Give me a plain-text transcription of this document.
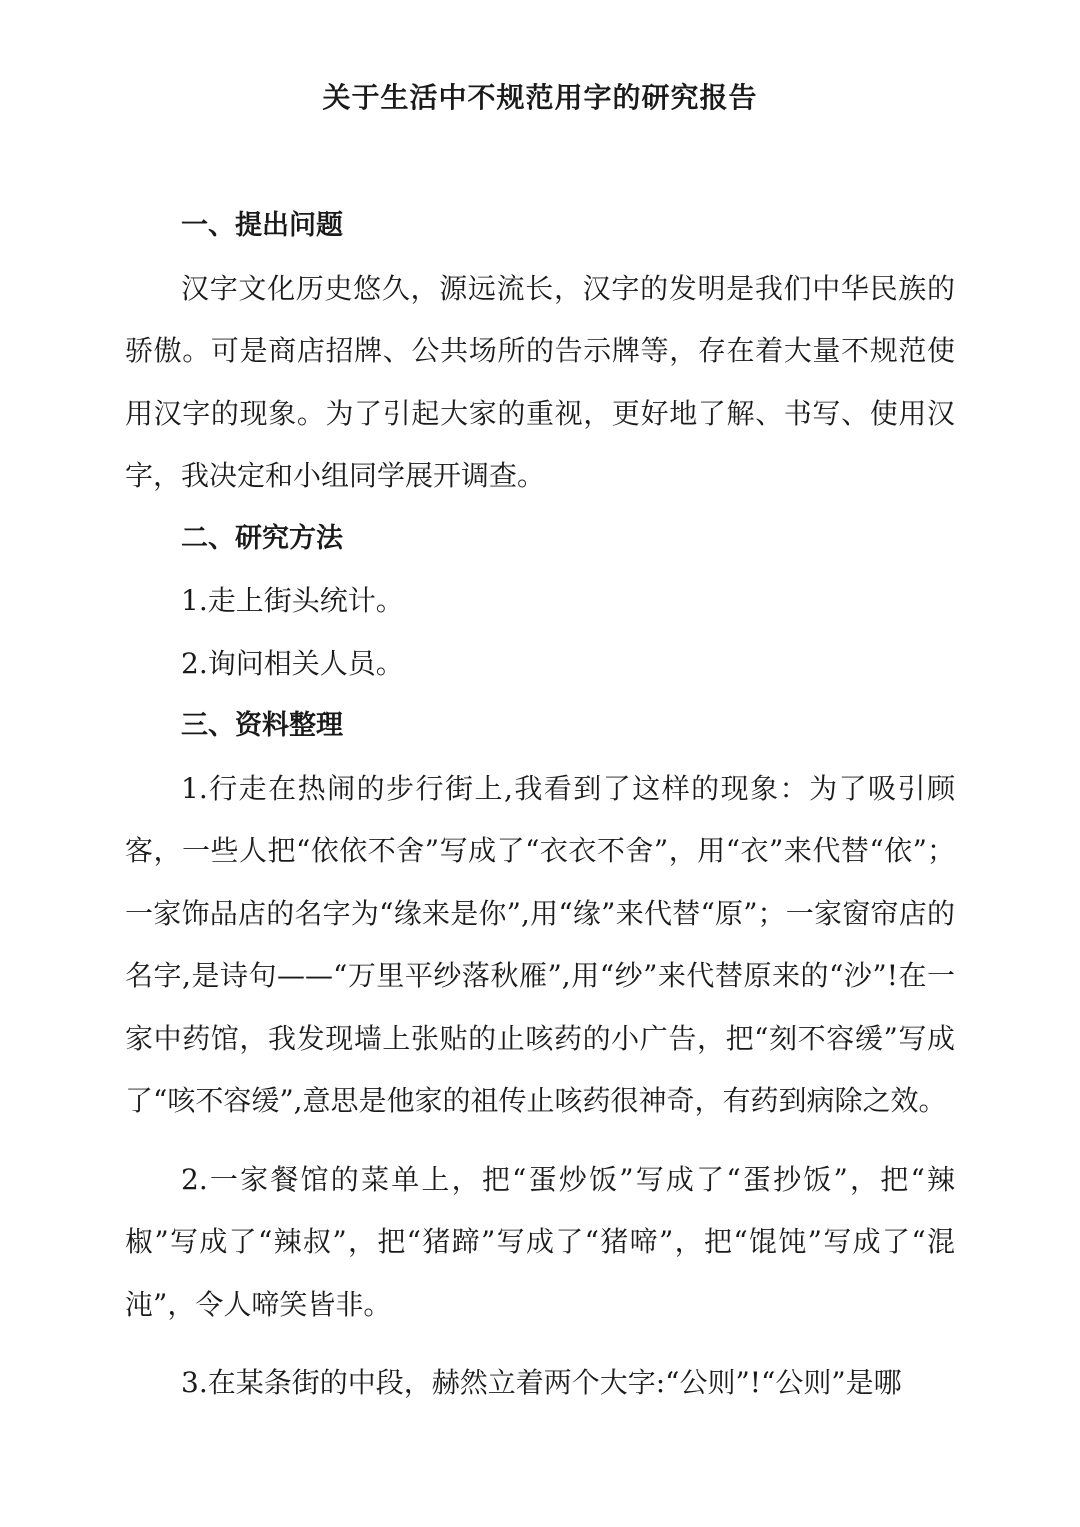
关于生活中不规范用字的研究报告

一、提出问题

汉字文化历史悠久，源远流长，汉字的发明是我们中华民族的骄傲。可是商店招牌、公共场所的告示牌等，存在着大量不规范使用汉字的现象。为了引起大家的重视，更好地了解、书写、使用汉字，我决定和小组同学展开调查。

二、研究方法

1.走上街头统计。

2.询问相关人员。

三、资料整理

1.行走在热闹的步行街上,我看到了这样的现象：为了吸引顾客，一些人把“依依不舍”写成了“衣衣不舍”，用“衣”来代替“依”；一家饰品店的名字为“缘来是你”,用“缘”来代替“原”；一家窗帘店的名字,是诗句——“万里平纱落秋雁”,用“纱”来代替原来的“沙”!在一家中药馆，我发现墙上张贴的止咳药的小广告，把“刻不容缓”写成了“咳不容缓”,意思是他家的祖传止咳药很神奇，有药到病除之效。

2.一家餐馆的菜单上，把“蛋炒饭”写成了“蛋抄饭”，把“辣椒”写成了“辣叔”，把“猪蹄”写成了“猪啼”，把“馄饨”写成了“混沌”，令人啼笑皆非。

3.在某条街的中段，赫然立着两个大字:“公则”!“公则”是哪
